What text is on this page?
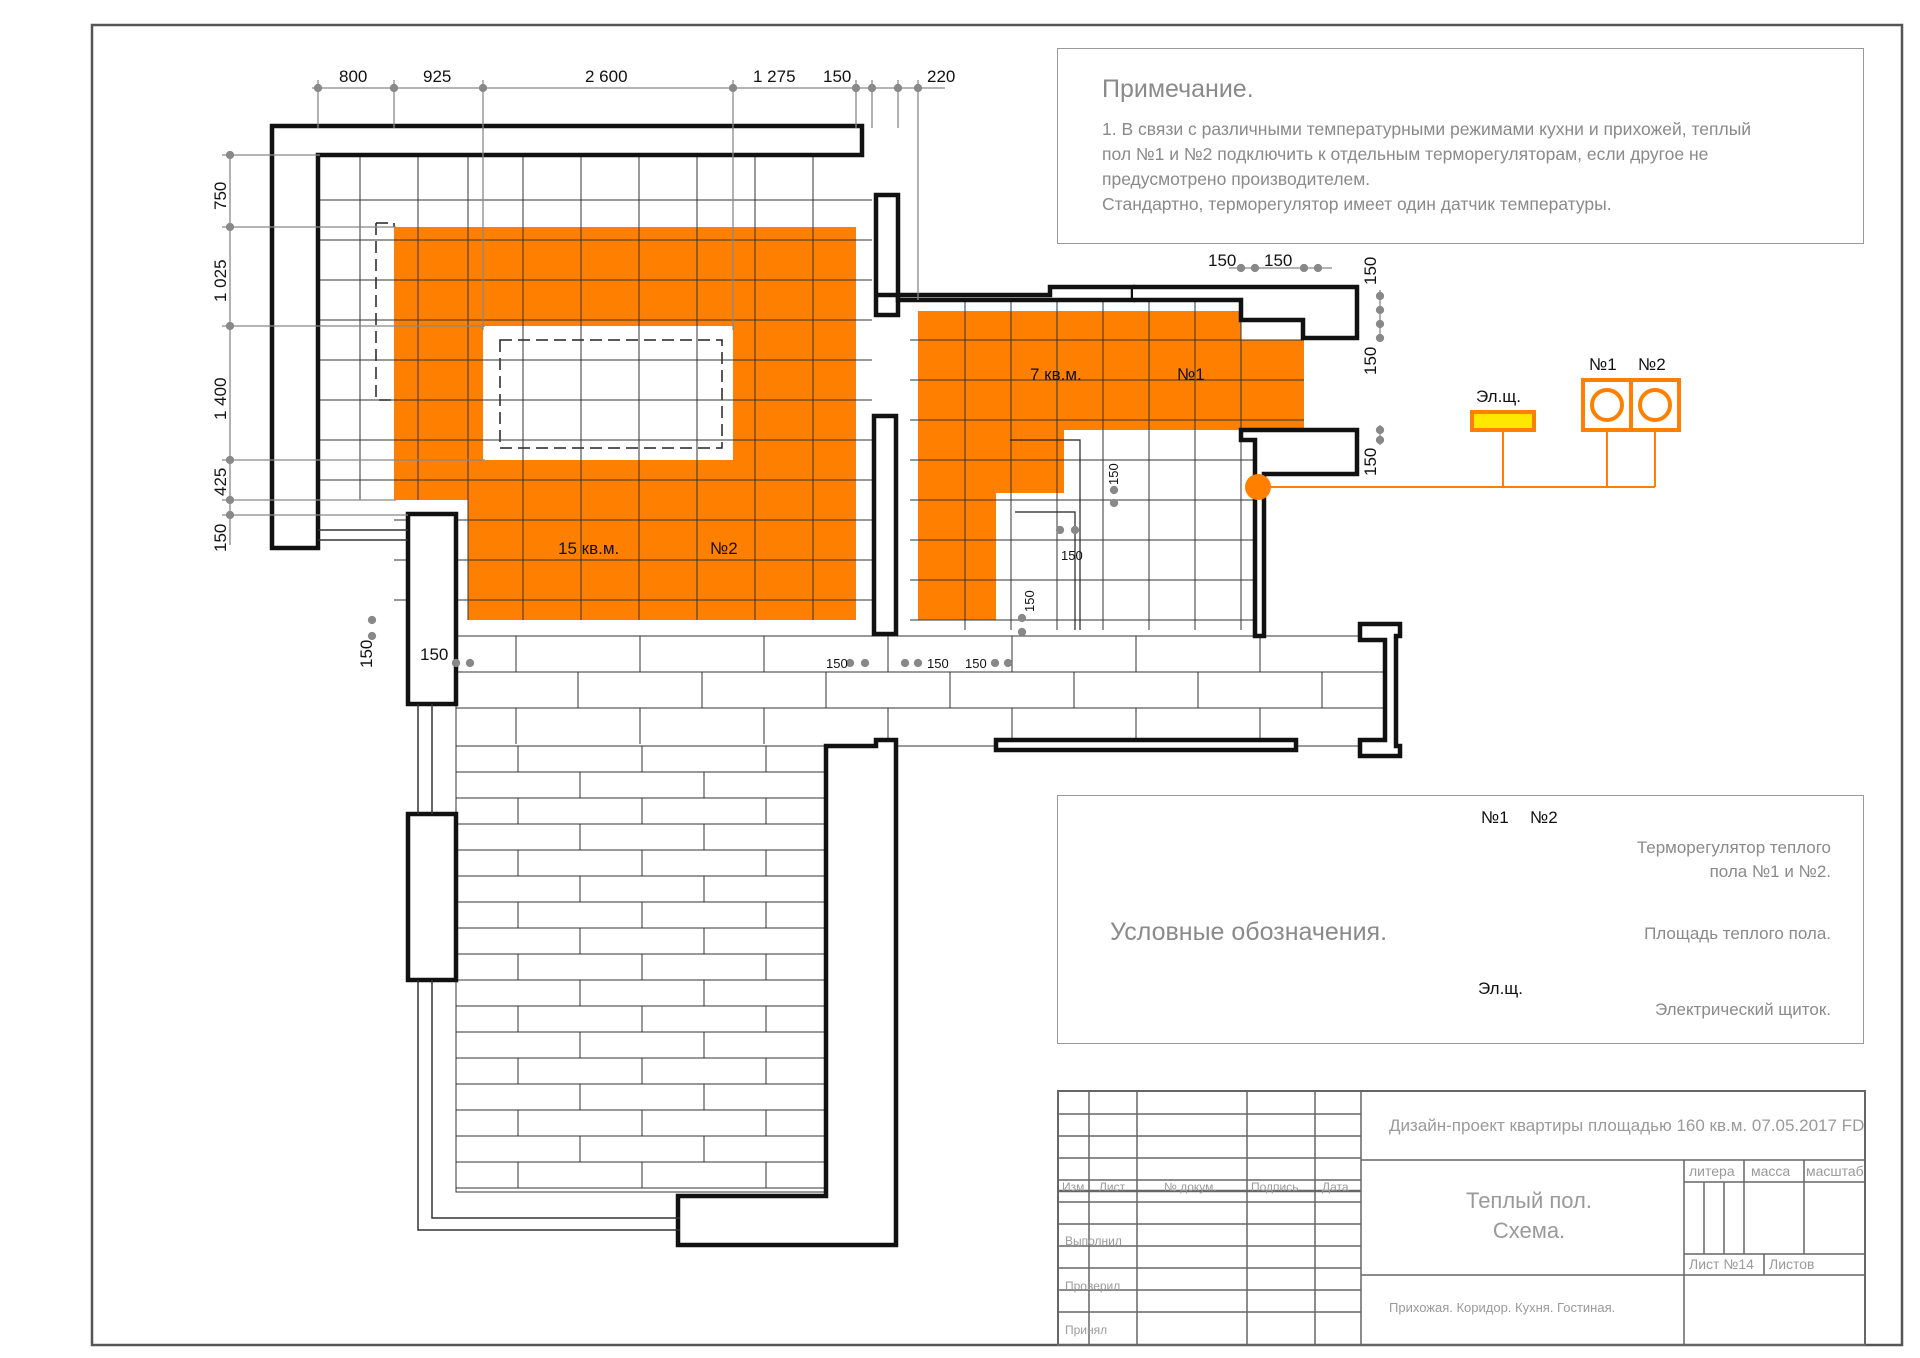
800	925	2 600	1 275 150	220
750
1 025
1 400
425
150
150 150	150
150
150
150
150
150
150	150 150
150
150
7 кв.м.	№1
15 кв.м.	№2
Эл.щ.
№1 №2
Примечание.
1. В связи с различными температурными режимами кухни и прихожей, теплый
пол №1 и №2 подключить к отдельным терморегуляторам, если другое не
предусмотрено производителем.
Стандартно, терморегулятор имеет один датчик температуры.
Условные обозначения.
№1 №2
Терморегулятор теплого
пола №1 и №2.
Площадь теплого пола.
Эл.щ.
Электрический щиток.
Дизайн-проект квартиры площадью 160 кв.м. 07.05.2017 FD
Изм Лист	№ докум.	Подпись Дата
Выполнил
Проверил
Принял
Теплый пол.
Схема.
литера масса масштаб
Лист №14 Листов
Прихожая. Коридор. Кухня. Гостиная.
